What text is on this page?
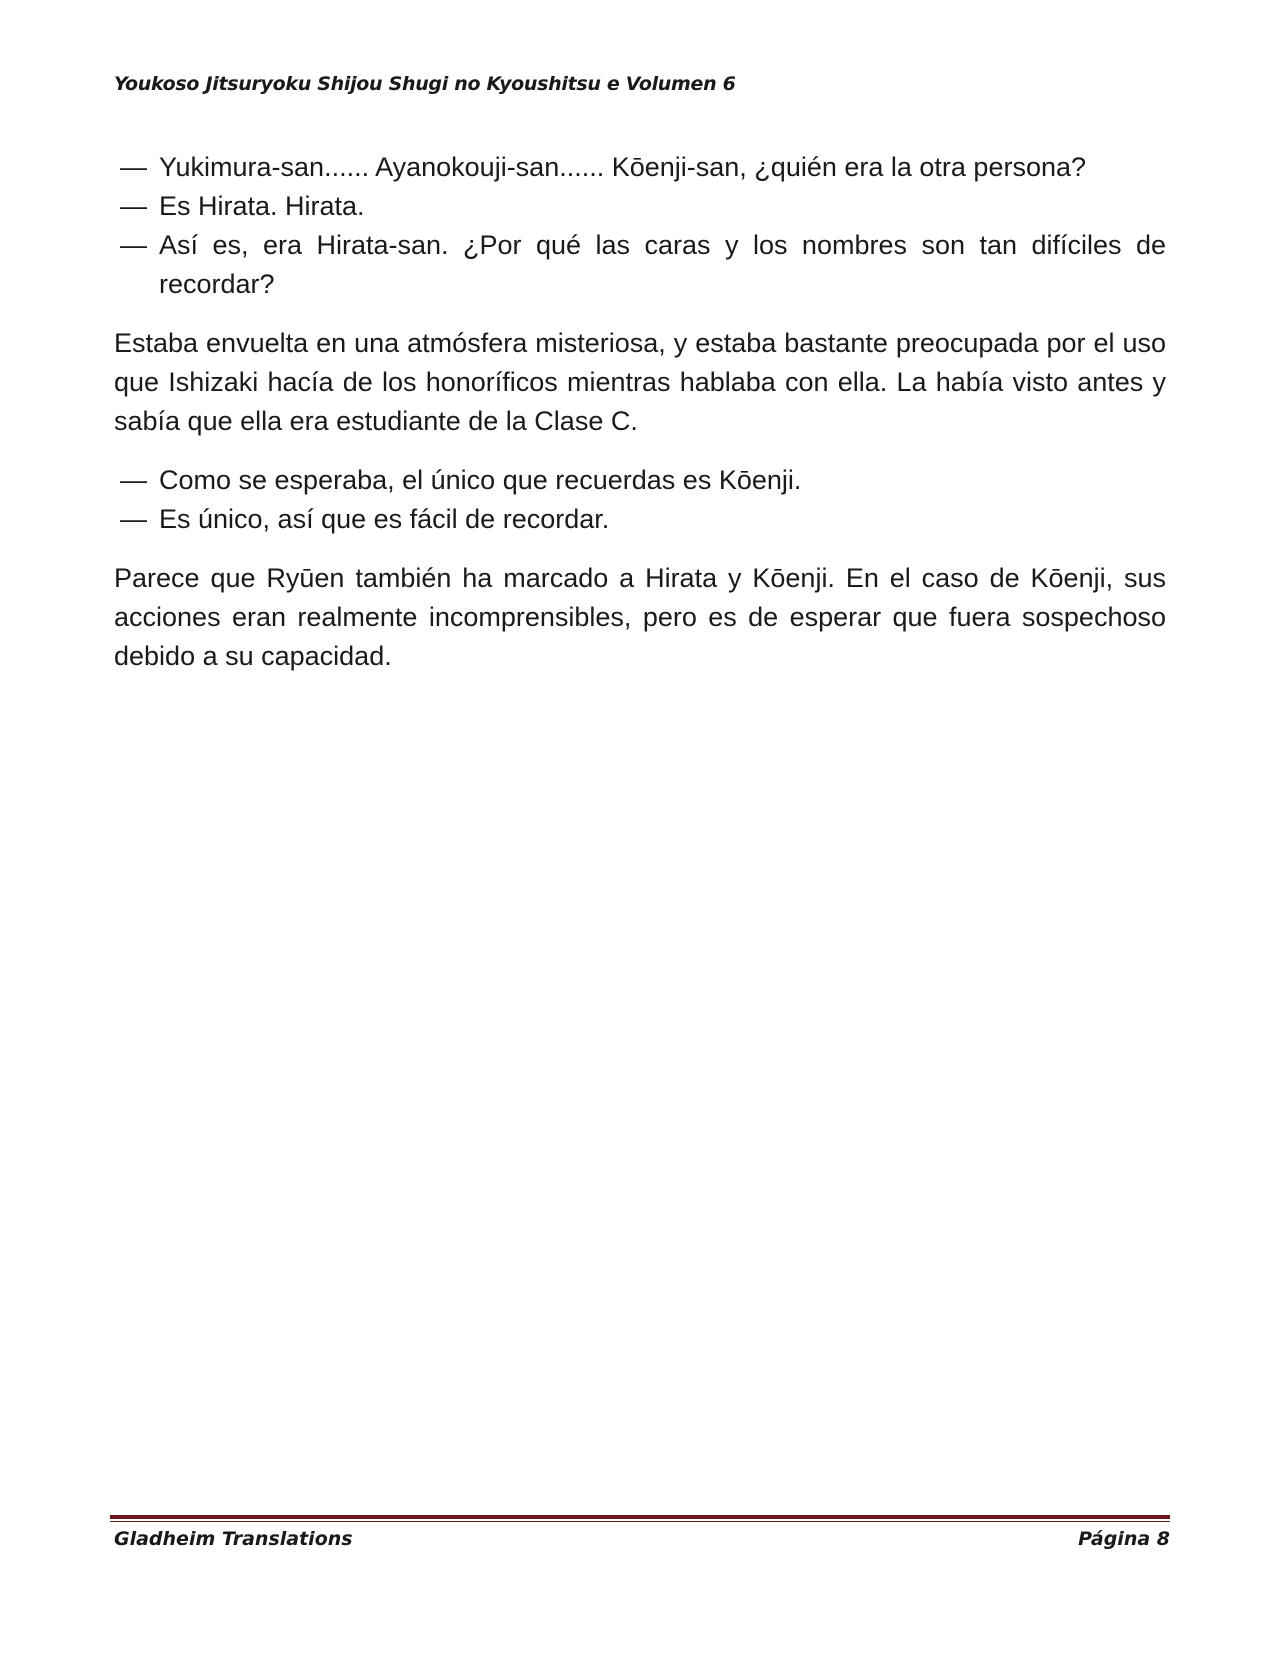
Youkoso Jitsuryoku Shijou Shugi no Kyoushitsu e Volumen 6
— Yukimura-san...... Ayanokouji-san...... Kōenji-san, ¿quién era la otra persona?
— Es Hirata. Hirata.
— Así es, era Hirata-san. ¿Por qué las caras y los nombres son tan difíciles de recordar?

Estaba envuelta en una atmósfera misteriosa, y estaba bastante preocupada por el uso que Ishizaki hacía de los honoríficos mientras hablaba con ella. La había visto antes y sabía que ella era estudiante de la Clase C.

— Como se esperaba, el único que recuerdas es Kōenji.
— Es único, así que es fácil de recordar.

Parece que Ryūen también ha marcado a Hirata y Kōenji. En el caso de Kōenji, sus acciones eran realmente incomprensibles, pero es de esperar que fuera sospechoso debido a su capacidad.

Gladheim Translations	Página 8
